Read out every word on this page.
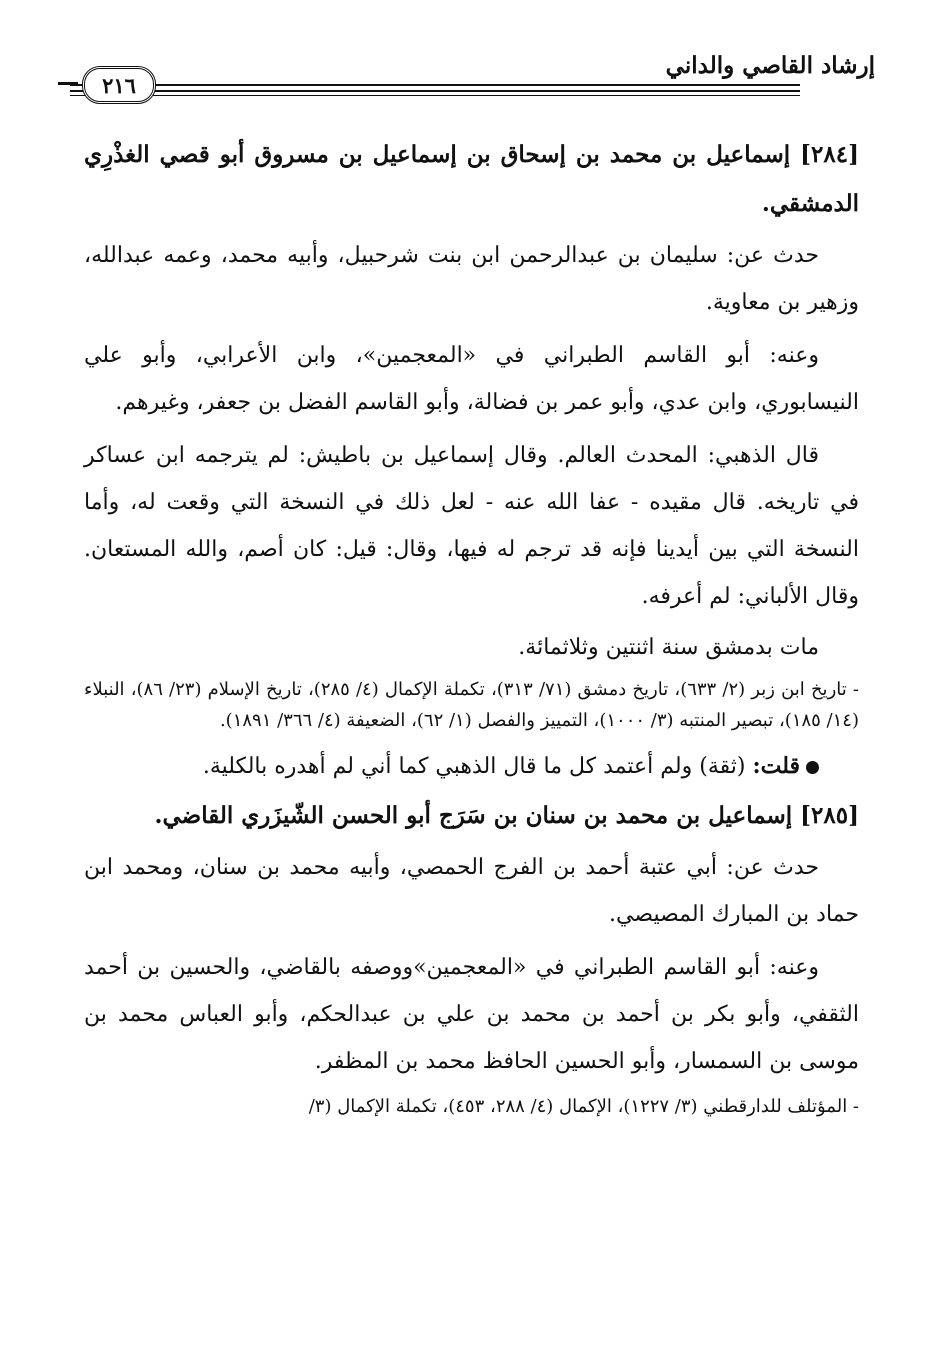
إرشاد القاصي والداني
٢١٦

[٢٨٤] إسماعيل بن محمد بن إسحاق بن إسماعيل بن مسروق أبو قصي الغذْرِي الدمشقي.

حدث عن: سليمان بن عبدالرحمن ابن بنت شرحبيل، وأبيه محمد، وعمه عبدالله، وزهير بن معاوية.

وعنه: أبو القاسم الطبراني في «المعجمين»، وابن الأعرابي، وأبو علي النيسابوري، وابن عدي، وأبو عمر بن فضالة، وأبو القاسم الفضل بن جعفر، وغيرهم.

قال الذهبي: المحدث العالم. وقال إسماعيل بن باطيش: لم يترجمه ابن عساكر في تاريخه. قال مقيده - عفا الله عنه - لعل ذلك في النسخة التي وقعت له، وأما النسخة التي بين أيدينا فإنه قد ترجم له فيها، وقال: قيل: كان أصم، والله المستعان. وقال الألباني: لم أعرفه.

مات بدمشق سنة اثنتين وثلاثمائة.

- تاريخ ابن زبر (٢/ ٦٣٣)، تاريخ دمشق (٧١/ ٣١٣)، تكملة الإكمال (٤/ ٢٨٥)، تاريخ الإسلام (٢٣/ ٨٦)، النبلاء (١٤/ ١٨٥)، تبصير المنتبه (٣/ ١٠٠٠)، التمييز والفصل (١/ ٦٢)، الضعيفة (٤/ ٣٦٦/ ١٨٩١).

قلت: (ثقة) ولم أعتمد كل ما قال الذهبي كما أني لم أهدره بالكلية.

[٢٨٥] إسماعيل بن محمد بن سنان بن سَرَج أبو الحسن الشّيزَري القاضي.

حدث عن: أبي عتبة أحمد بن الفرج الحمصي، وأبيه محمد بن سنان، ومحمد ابن حماد بن المبارك المصيصي.

وعنه: أبو القاسم الطبراني في «المعجمين»ووصفه بالقاضي، والحسين بن أحمد الثقفي، وأبو بكر بن أحمد بن محمد بن علي بن عبدالحكم، وأبو العباس محمد بن موسى بن السمسار، وأبو الحسين الحافظ محمد بن المظفر.

- المؤتلف للدارقطني (٣/ ١٢٢٧)، الإكمال (٤/ ٢٨٨، ٤٥٣)، تكملة الإكمال (٣/
